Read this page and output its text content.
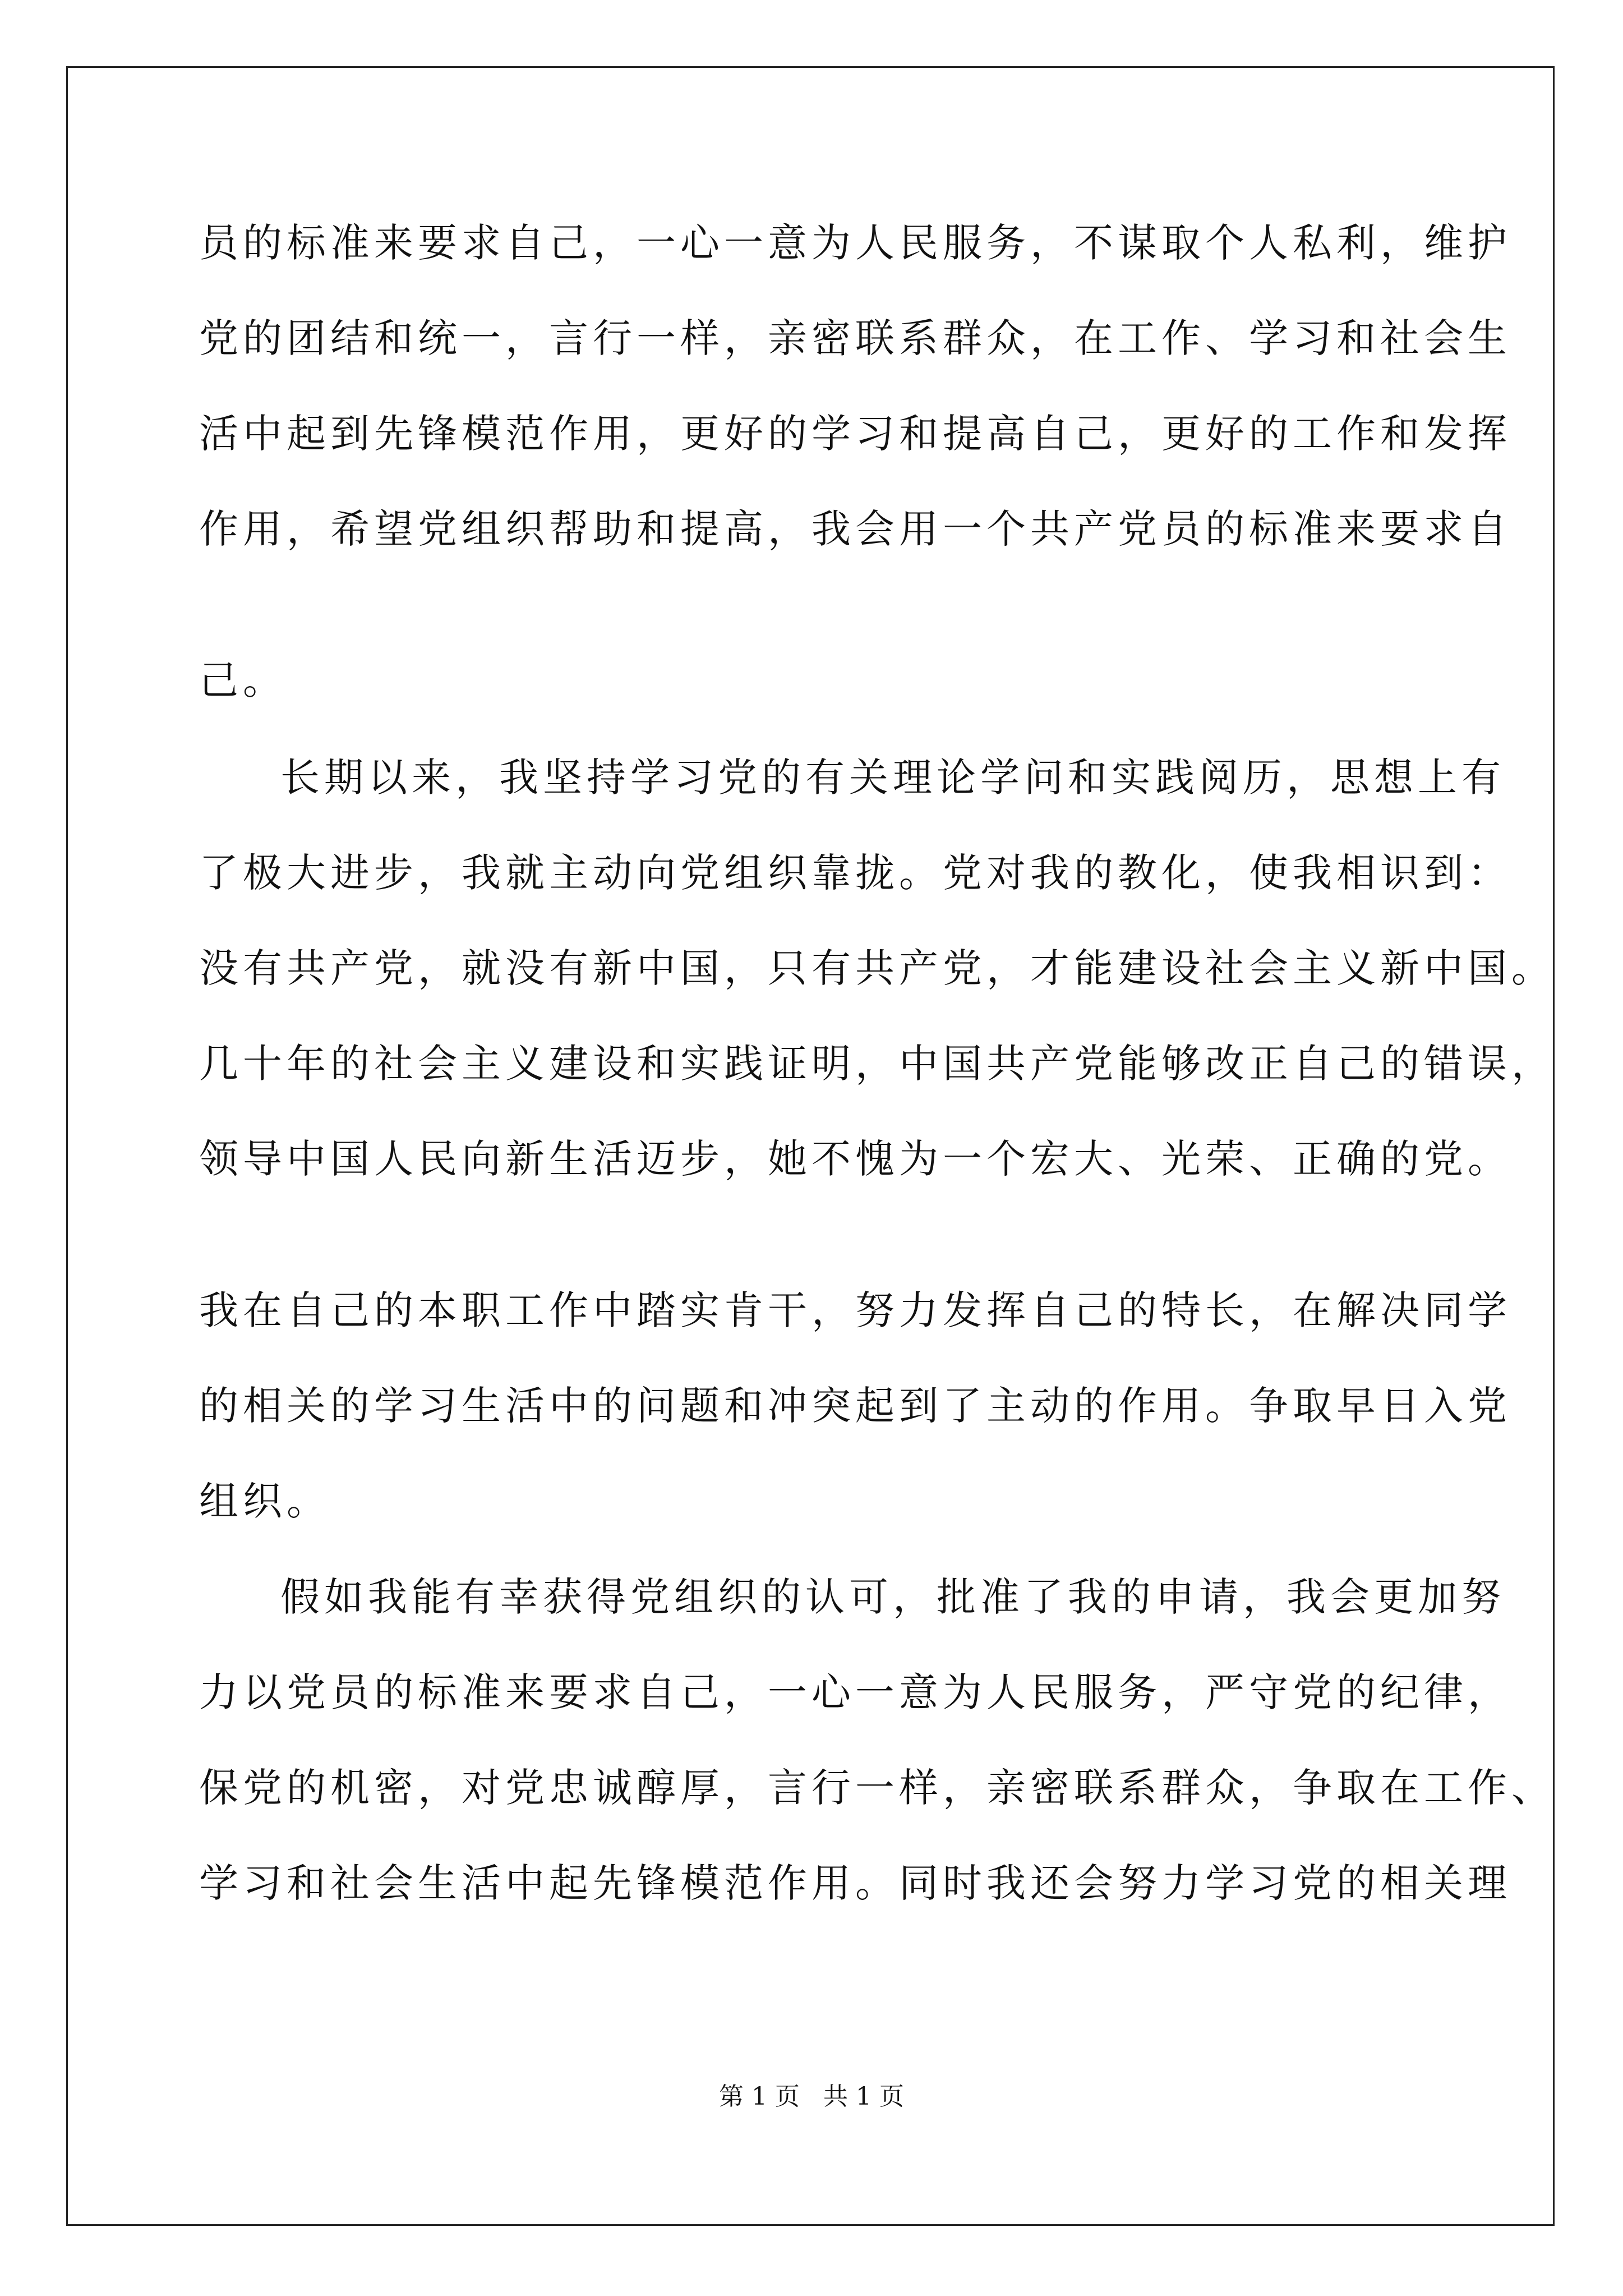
员的标准来要求自己，一心一意为人民服务，不谋取个人私利，维护
党的团结和统一，言行一样，亲密联系群众，在工作、学习和社会生
活中起到先锋模范作用，更好的学习和提高自己，更好的工作和发挥
作用，希望党组织帮助和提高，我会用一个共产党员的标准来要求自
己。
长期以来，我坚持学习党的有关理论学问和实践阅历，思想上有
了极大进步，我就主动向党组织靠拢。党对我的教化，使我相识到：
没有共产党，就没有新中国，只有共产党，才能建设社会主义新中国。
几十年的社会主义建设和实践证明，中国共产党能够改正自己的错误，
领导中国人民向新生活迈步，她不愧为一个宏大、光荣、正确的党。
我在自己的本职工作中踏实肯干，努力发挥自己的特长，在解决同学
的相关的学习生活中的问题和冲突起到了主动的作用。争取早日入党
组织。
假如我能有幸获得党组织的认可，批准了我的申请，我会更加努
力以党员的标准来要求自己，一心一意为人民服务，严守党的纪律，
保党的机密，对党忠诚醇厚，言行一样，亲密联系群众，争取在工作、
学习和社会生活中起先锋模范作用。同时我还会努力学习党的相关理
第 1 页   共 1 页
